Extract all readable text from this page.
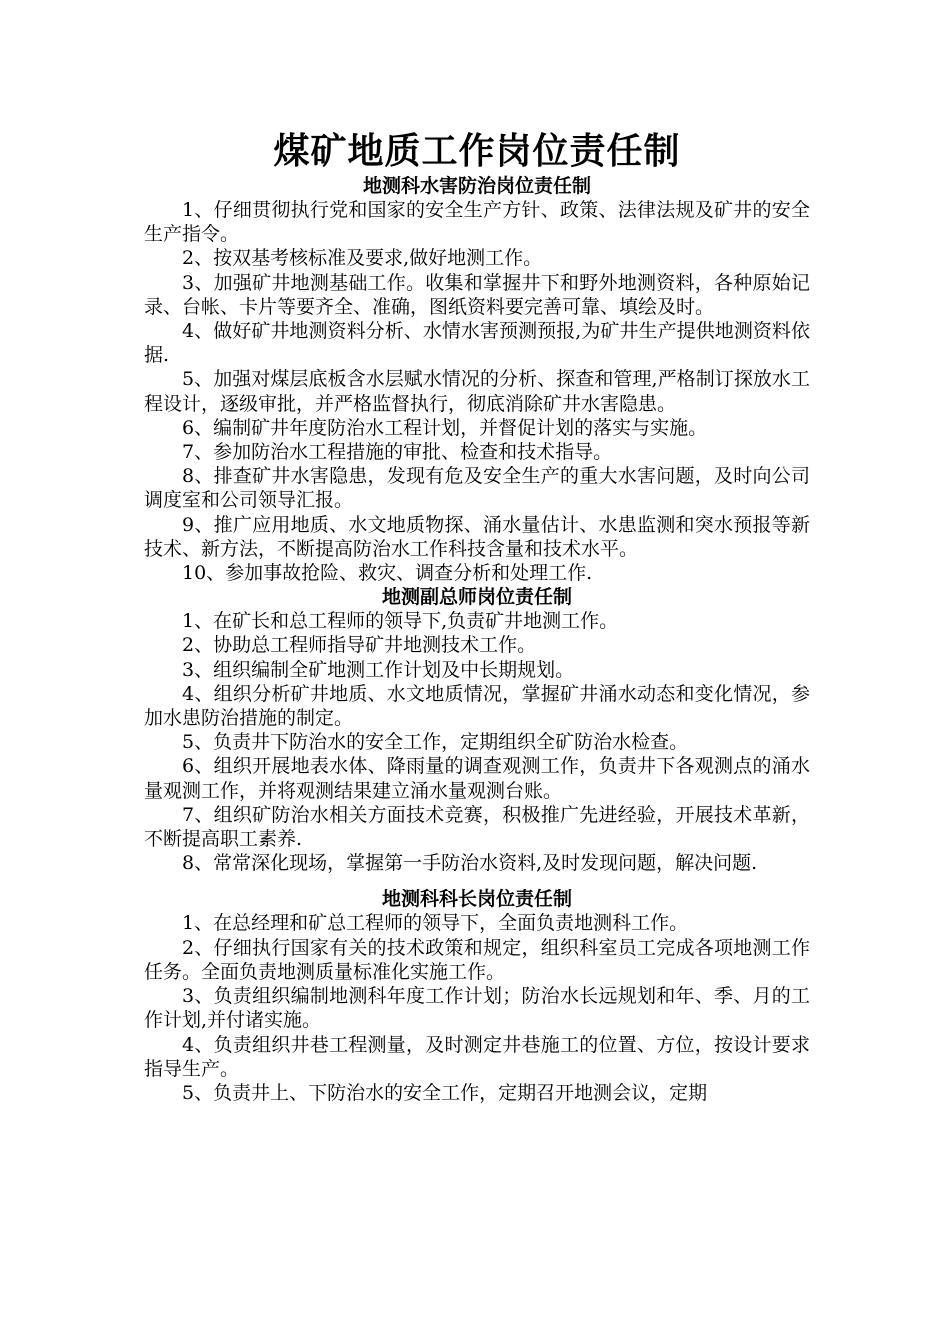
煤矿地质工作岗位责任制
地测科水害防治岗位责任制

1、仔细贯彻执行党和国家的安全生产方针、政策、法律法规及矿井的安全生产指令。

2、按双基考核标准及要求,做好地测工作。

3、加强矿井地测基础工作。收集和掌握井下和野外地测资料，各种原始记录、台帐、卡片等要齐全、准确，图纸资料要完善可靠、填绘及时。

4、做好矿井地测资料分析、水情水害预测预报,为矿井生产提供地测资料依据.

5、加强对煤层底板含水层赋水情况的分析、探查和管理,严格制订探放水工程设计，逐级审批，并严格监督执行，彻底消除矿井水害隐患。

6、编制矿井年度防治水工程计划，并督促计划的落实与实施。

7、参加防治水工程措施的审批、检查和技术指导。

8、排查矿井水害隐患，发现有危及安全生产的重大水害问题，及时向公司调度室和公司领导汇报。

9、推广应用地质、水文地质物探、涌水量估计、水患监测和突水预报等新技术、新方法，不断提高防治水工作科技含量和技术水平。

10、参加事故抢险、救灾、调查分析和处理工作.

地测副总师岗位责任制

1、在矿长和总工程师的领导下,负责矿井地测工作。

2、协助总工程师指导矿井地测技术工作。

3、组织编制全矿地测工作计划及中长期规划。

4、组织分析矿井地质、水文地质情况，掌握矿井涌水动态和变化情况，参加水患防治措施的制定。

5、负责井下防治水的安全工作，定期组织全矿防治水检查。

6、组织开展地表水体、降雨量的调查观测工作，负责井下各观测点的涌水量观测工作，并将观测结果建立涌水量观测台账。

7、组织矿防治水相关方面技术竞赛，积极推广先进经验，开展技术革新，不断提高职工素养.

8、常常深化现场，掌握第一手防治水资料,及时发现问题，解决问题.

地测科科长岗位责任制

1、在总经理和矿总工程师的领导下，全面负责地测科工作。

2、仔细执行国家有关的技术政策和规定，组织科室员工完成各项地测工作任务。全面负责地测质量标准化实施工作。

3、负责组织编制地测科年度工作计划；防治水长远规划和年、季、月的工作计划,并付诸实施。

4、负责组织井巷工程测量，及时测定井巷施工的位置、方位，按设计要求指导生产。

5、负责井上、下防治水的安全工作，定期召开地测会议，定期
